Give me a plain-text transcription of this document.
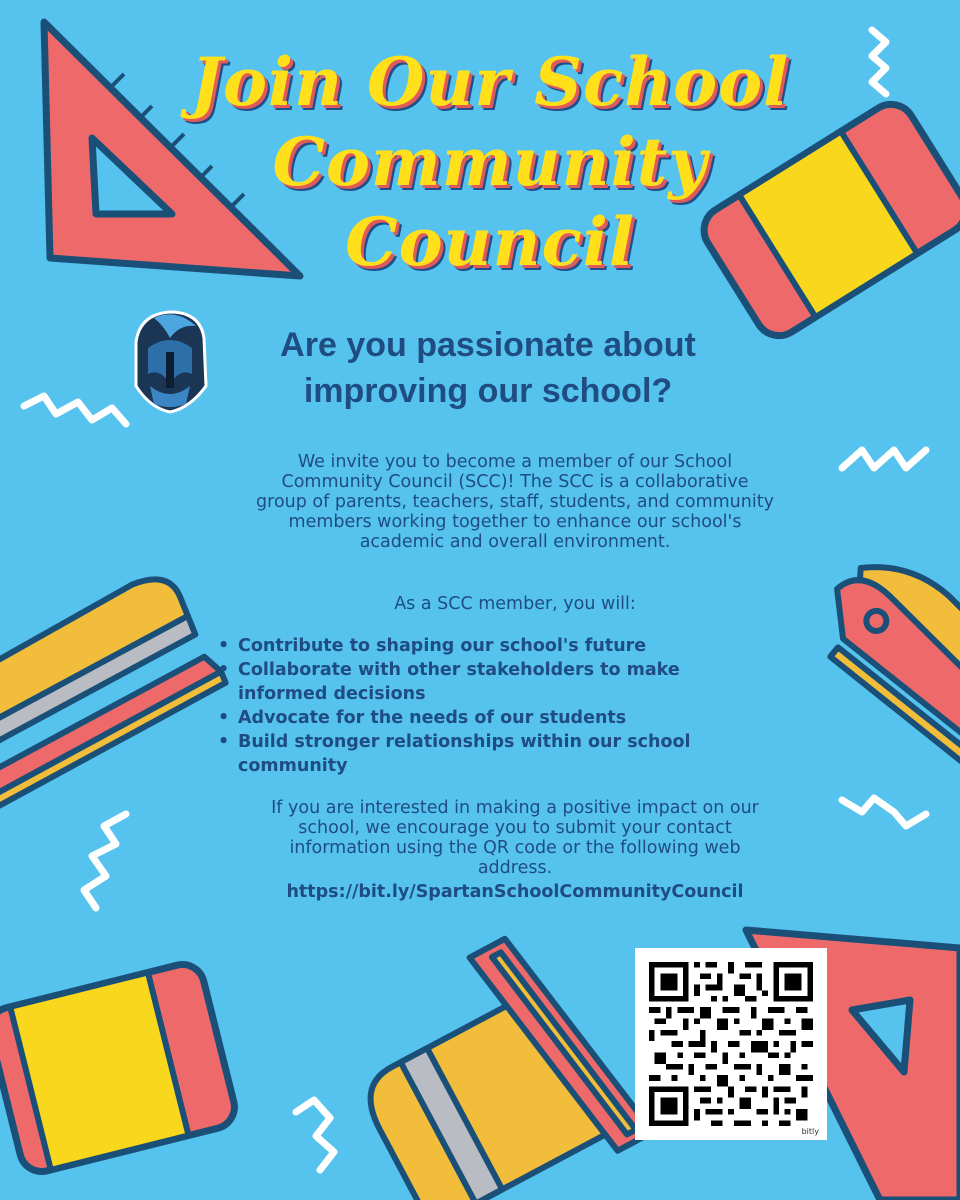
Join Our School
Community
Council
Are you passionate about
improving our school?
We invite you to become a member of our School
Community Council (SCC)! The SCC is a collaborative
group of parents, teachers, staff, students, and community
members working together to enhance our school's
academic and overall environment.
As a SCC member, you will:
• Contribute to shaping our school's future
• Collaborate with other stakeholders to make
informed decisions
• Advocate for the needs of our students
• Build stronger relationships within our school
community
If you are interested in making a positive impact on our
school, we encourage you to submit your contact
information using the QR code or the following web
address.
https://bit.ly/SpartanSchoolCommunityCouncil
bitly
